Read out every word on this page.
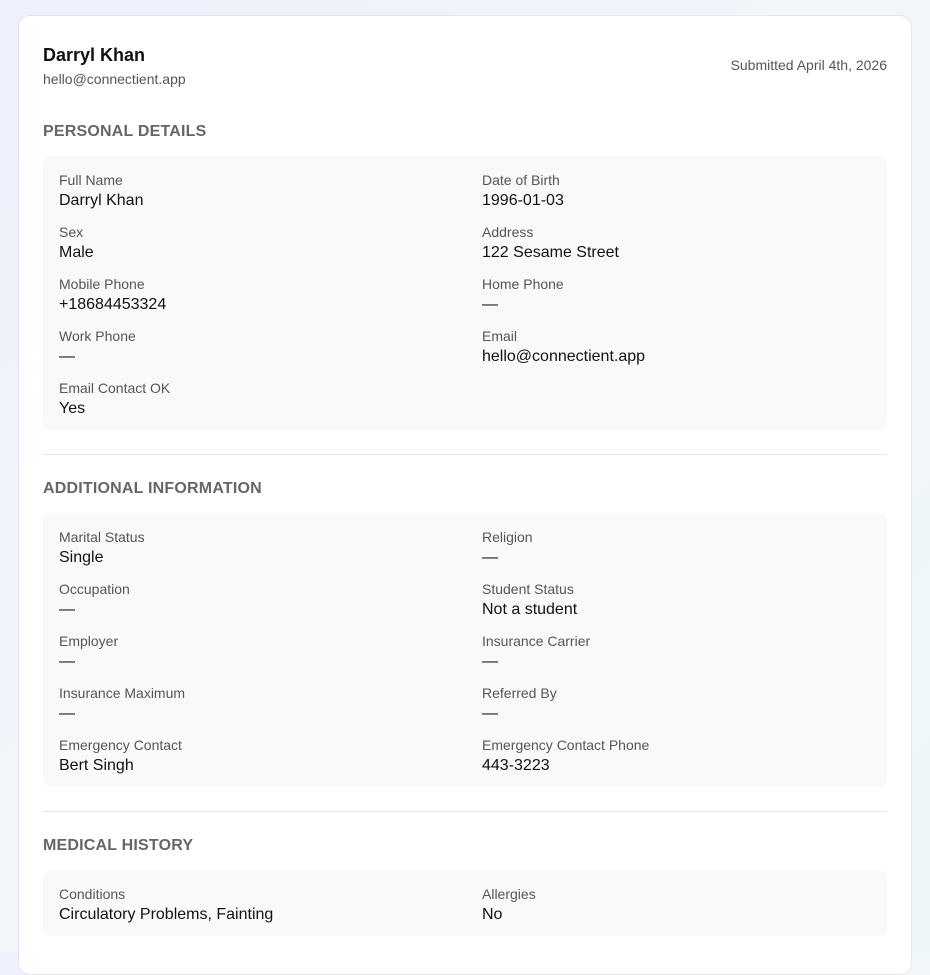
Darryl Khan
hello@connectient.app
Submitted April 4th, 2026
PERSONAL DETAILS
Full Name
Darryl Khan
Date of Birth
1996-01-03
Sex
Male
Address
122 Sesame Street
Mobile Phone
+18684453324
Home Phone
—
Work Phone
—
Email
hello@connectient.app
Email Contact OK
Yes
ADDITIONAL INFORMATION
Marital Status
Single
Religion
—
Occupation
—
Student Status
Not a student
Employer
—
Insurance Carrier
—
Insurance Maximum
—
Referred By
—
Emergency Contact
Bert Singh
Emergency Contact Phone
443-3223
MEDICAL HISTORY
Conditions
Circulatory Problems, Fainting
Allergies
No
